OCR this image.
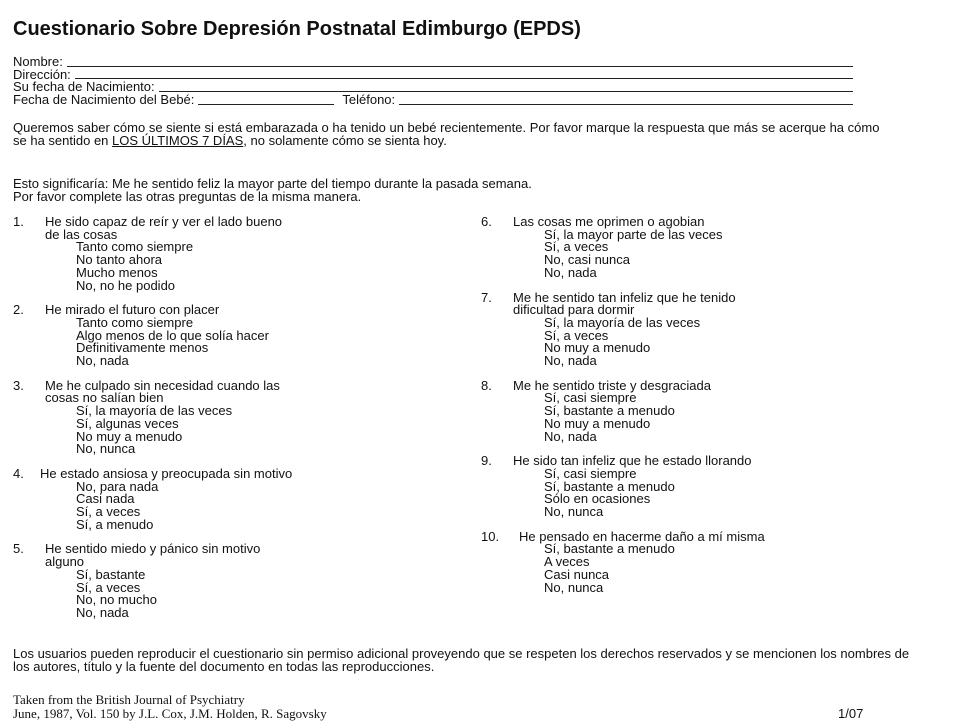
Cuestionario Sobre Depresión Postnatal Edimburgo (EPDS)
Nombre:
Dirección:
Su fecha de Nacimiento:
Fecha de Nacimiento del Bebé:	Teléfono:
Queremos saber cómo se siente si está embarazada o ha tenido un bebé recientemente. Por favor marque la respuesta que más se acerque ha cómo se ha sentido en LOS ÚLTIMOS 7 DÍAS, no solamente cómo se sienta hoy.
Esto significaría: Me he sentido feliz la mayor parte del tiempo durante la pasada semana.
Por favor complete las otras preguntas de la misma manera.
1.	He sido capaz de reír y ver el lado bueno
de las cosas
Tanto como siempre
No tanto ahora
Mucho menos
No, no he podido
2.	He mirado el futuro con placer
Tanto como siempre
Algo menos de lo que solía hacer
Definitivamente menos
No, nada
3.	Me he culpado sin necesidad cuando las
cosas no salían bien
Sí, la mayoría de las veces
Sí, algunas veces
No muy a menudo
No, nunca
4.	He estado ansiosa y preocupada sin motivo
No, para nada
Casi nada
Sí, a veces
Sí, a menudo
5.	He sentido miedo y pánico sin motivo
alguno
Sí, bastante
Sí, a veces
No, no mucho
No, nada
6.	Las cosas me oprimen o agobian
Sí, la mayor parte de las veces
Sí, a veces
No, casi nunca
No, nada
7.	Me he sentido tan infeliz que he tenido
dificultad para dormir
Sí, la mayoría de las veces
Sí, a veces
No muy a menudo
No, nada
8.	Me he sentido triste y desgraciada
Sí, casi siempre
Sí, bastante a menudo
No muy a menudo
No, nada
9.	He sido tan infeliz que he estado llorando
Sí, casi siempre
Sí, bastante a menudo
Sólo en ocasiones
No, nunca
10.	He pensado en hacerme daño a mí misma
Sí, bastante a menudo
A veces
Casi nunca
No, nunca
Los usuarios pueden reproducir el cuestionario sin permiso adicional proveyendo que se respeten los derechos reservados y se mencionen los nombres de los autores, título y la fuente del documento en todas las reproducciones.
Taken from the British Journal of Psychiatry
June, 1987, Vol. 150 by J.L. Cox, J.M. Holden, R. Sagovsky	1/07
